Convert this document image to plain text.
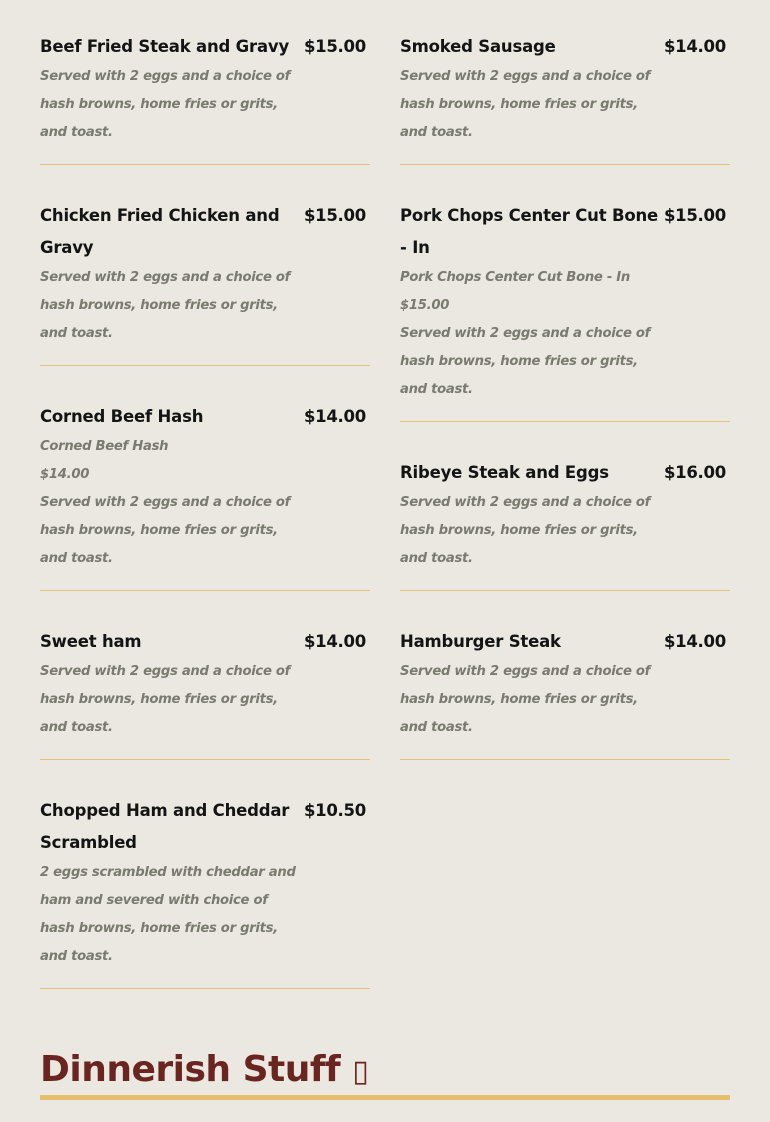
Beef Fried Steak and Gravy $15.00
Served with 2 eggs and a choice of hash browns, home fries or grits, and toast.
Chicken Fried Chicken and Gravy
$15.00
Served with 2 eggs and a choice of hash browns, home fries or grits, and toast.
Corned Beef Hash	$14.00
Corned Beef Hash
$14.00
Served with 2 eggs and a choice of hash browns, home fries or grits, and toast.
Sweet ham	$14.00
Served with 2 eggs and a choice of hash browns, home fries or grits, and toast.
Chopped Ham and Cheddar Scrambled
$10.50
2 eggs scrambled with cheddar and ham and severed with choice of hash browns, home fries or grits, and toast.
Smoked Sausage	$14.00
Served with 2 eggs and a choice of hash browns, home fries or grits, and toast.
Pork Chops Center Cut Bone - In
$15.00
Pork Chops Center Cut Bone - In
$15.00
Served with 2 eggs and a choice of hash browns, home fries or grits, and toast.
Ribeye Steak and Eggs	$16.00
Served with 2 eggs and a choice of hash browns, home fries or grits, and toast.
Hamburger Steak	$14.00
Served with 2 eggs and a choice of hash browns, home fries or grits, and toast.
Dinnerish Stuff ▯
